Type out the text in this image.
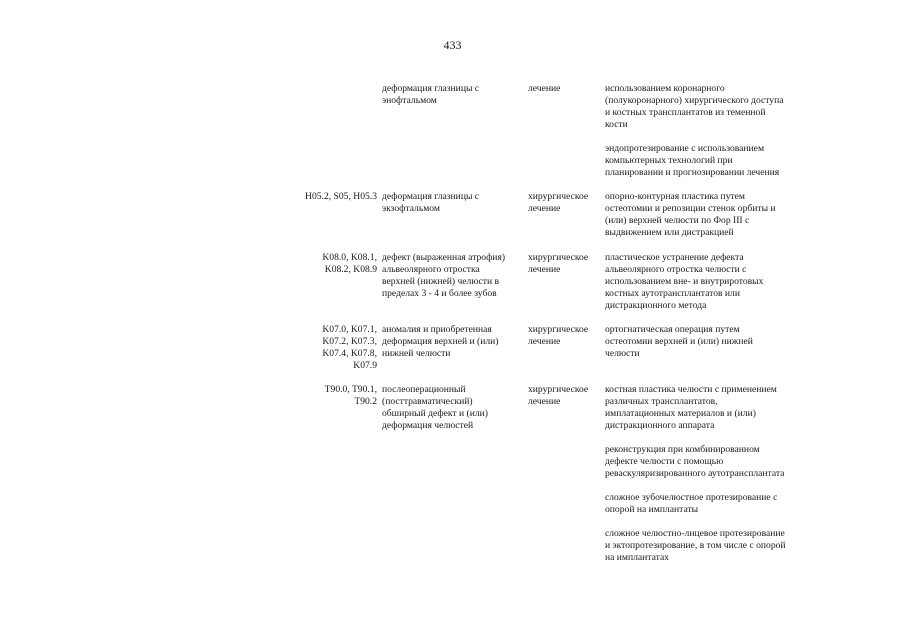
433
деформация глазницы с
энофтальмом
лечение	использованием коронарного
(полукоронарного) хирургического доступа
и костных трансплантатов из теменной
кости
эндопротезирование с использованием
компьютерных технологий при
планировании и прогнозировании лечения
H05.2, S05, H05.3 деформация глазницы с
экзофтальмом
хирургическое
лечение
опорно-контурная пластика путем
остеотомии и репозиции стенок орбиты и
(или) верхней челюсти по Фор III с
выдвижением или дистракцией
K08.0, K08.1,
K08.2, K08.9
дефект (выраженная атрофия)
альвеолярного отростка
верхней (нижней) челюсти в
пределах 3 - 4 и более зубов
хирургическое
лечение
пластическое устранение дефекта
альвеолярного отростка челюсти с
использованием вне- и внутриротовых
костных аутотрансплантатов или
дистракционного метода
K07.0, K07.1,
K07.2, K07.3,
K07.4, K07.8,
K07.9
аномалия и приобретенная
деформация верхней и (или)
нижней челюсти
хирургическое
лечение
ортогнатическая операция путем
остеотомии верхней и (или) нижней
челюсти
T90.0, T90.1,
T90.2
послеоперационный
(посттравматический)
обширный дефект и (или)
деформация челюстей
хирургическое
лечение
костная пластика челюсти с применением
различных трансплантатов,
имплатационных материалов и (или)
дистракционного аппарата
реконструкция при комбинированном
дефекте челюсти с помощью
реваскуляризированного аутотрансплантата
сложное зубочелюстное протезирование с
опорой на имплантаты
сложное челюстно-лицевое протезирование
и эктопротезирование, в том числе с опорой
на имплантатах
